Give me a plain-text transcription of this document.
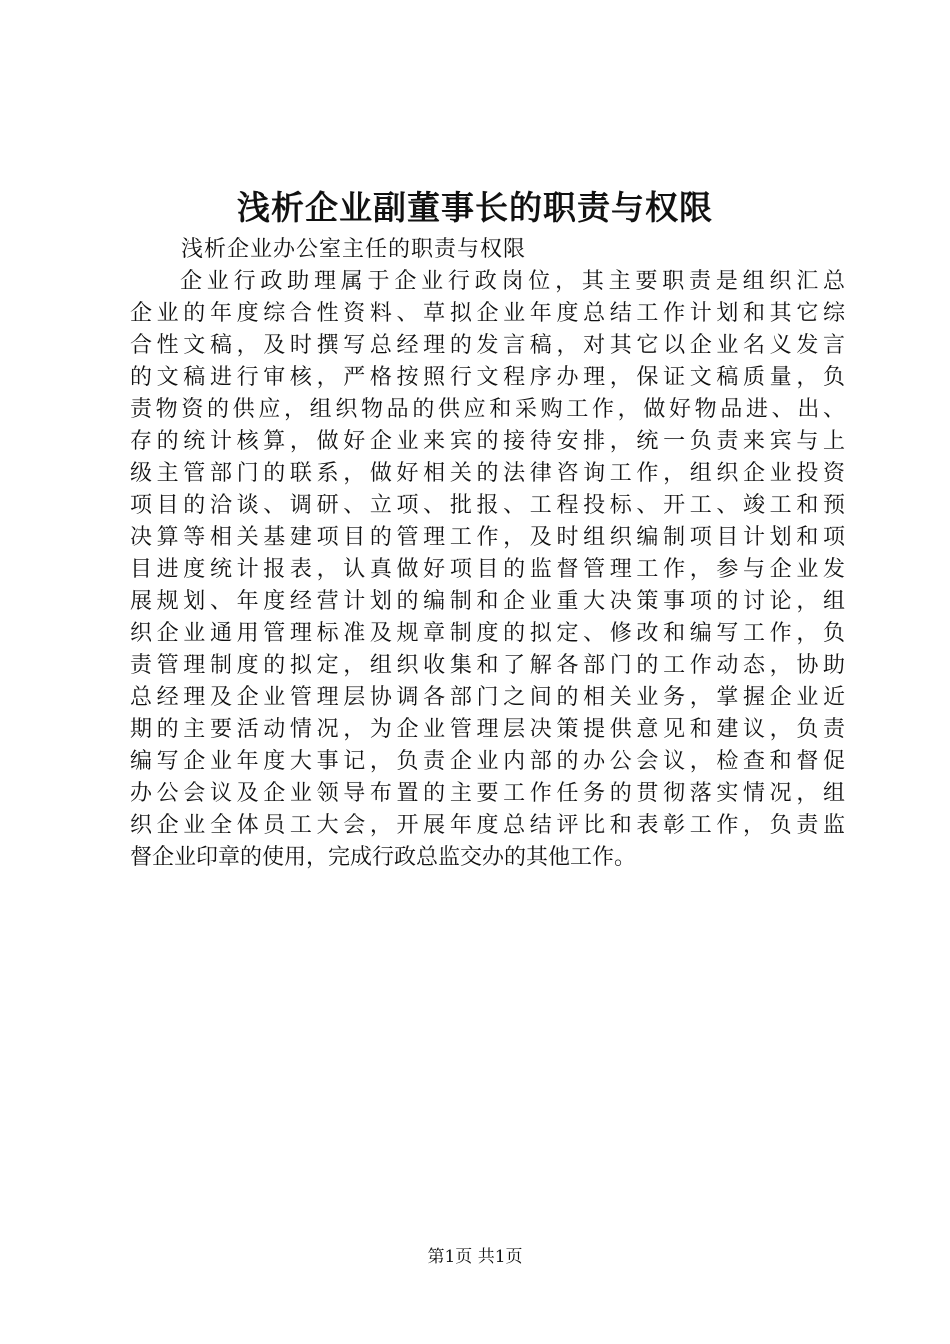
浅析企业副董事长的职责与权限

浅析企业办公室主任的职责与权限

企业行政助理属于企业行政岗位，其主要职责是组织汇总
企业的年度综合性资料、草拟企业年度总结工作计划和其它综
合性文稿，及时撰写总经理的发言稿，对其它以企业名义发言
的文稿进行审核，严格按照行文程序办理，保证文稿质量，负
责物资的供应，组织物品的供应和采购工作，做好物品进、出、
存的统计核算，做好企业来宾的接待安排，统一负责来宾与上
级主管部门的联系，做好相关的法律咨询工作，组织企业投资
项目的洽谈、调研、立项、批报、工程投标、开工、竣工和预
决算等相关基建项目的管理工作，及时组织编制项目计划和项
目进度统计报表，认真做好项目的监督管理工作，参与企业发
展规划、年度经营计划的编制和企业重大决策事项的讨论，组
织企业通用管理标准及规章制度的拟定、修改和编写工作，负
责管理制度的拟定，组织收集和了解各部门的工作动态，协助
总经理及企业管理层协调各部门之间的相关业务，掌握企业近
期的主要活动情况，为企业管理层决策提供意见和建议，负责
编写企业年度大事记，负责企业内部的办公会议，检查和督促
办公会议及企业领导布置的主要工作任务的贯彻落实情况，组
织企业全体员工大会，开展年度总结评比和表彰工作，负责监
督企业印章的使用，完成行政总监交办的其他工作。
第1页 共1页
